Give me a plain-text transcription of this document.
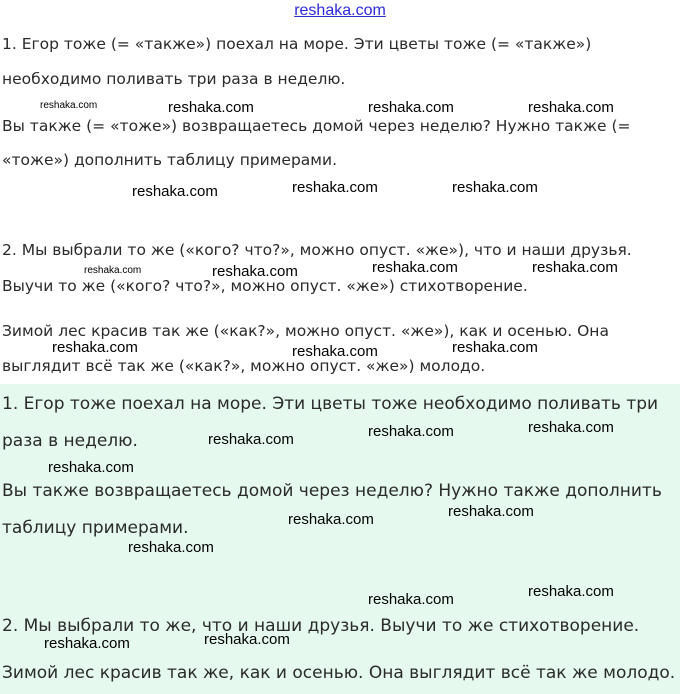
reshaka.com
1. Егор тоже (= «также») поехал на море. Эти цветы тоже (= «также»)
необходимо поливать три раза в неделю.
Вы также (= «тоже») возвращаетесь домой через неделю? Нужно также (=
«тоже») дополнить таблицу примерами.
2. Мы выбрали то же («кого? что?», можно опуст. «же»), что и наши друзья.
Выучи то же («кого? что?», можно опуст. «же») стихотворение.
Зимой лес красив так же («как?», можно опуст. «же»), как и осенью. Она
выглядит всё так же («как?», можно опуст. «же») молодо.
1. Егор тоже поехал на море. Эти цветы тоже необходимо поливать три
раза в неделю.
Вы также возвращаетесь домой через неделю? Нужно также дополнить
таблицу примерами.
2. Мы выбрали то же, что и наши друзья. Выучи то же стихотворение.
Зимой лес красив так же, как и осенью. Она выглядит всё так же молодо.
reshaka.com	reshaka.com	reshaka.com	reshaka.com
reshaka.com	reshaka.com	reshaka.com
reshaka.com	reshaka.com	reshaka.com	reshaka.com
reshaka.com	reshaka.com	reshaka.com
reshaka.com	reshaka.com	reshaka.com
reshaka.com
reshaka.com	reshaka.com
reshaka.com
reshaka.com	reshaka.com
reshaka.com	reshaka.com
